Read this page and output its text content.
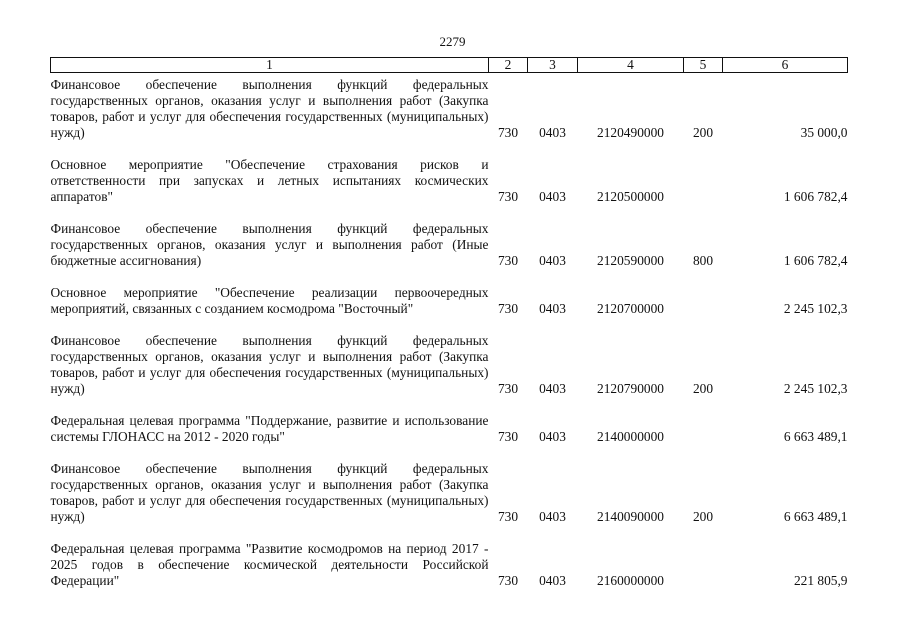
2279
1	2	3	4	5	6
Финансовое обеспечение выполнения функций федеральных государственных органов, оказания услуг и выполнения работ (Закупка товаров, работ и услуг для обеспечения государственных (муниципальных) нужд)	730	0403	2120490000	200	35 000,0
Основное мероприятие "Обеспечение страхования рисков и ответственности при запусках и летных испытаниях космических аппаратов"	730	0403	2120500000		1 606 782,4
Финансовое обеспечение выполнения функций федеральных государственных органов, оказания услуг и выполнения работ (Иные бюджетные ассигнования)	730	0403	2120590000	800	1 606 782,4
Основное мероприятие "Обеспечение реализации первоочередных мероприятий, связанных с созданием космодрома "Восточный"	730	0403	2120700000		2 245 102,3
Финансовое обеспечение выполнения функций федеральных государственных органов, оказания услуг и выполнения работ (Закупка товаров, работ и услуг для обеспечения государственных (муниципальных) нужд)	730	0403	2120790000	200	2 245 102,3
Федеральная целевая программа "Поддержание, развитие и использование системы ГЛОНАСС на 2012 - 2020 годы"	730	0403	2140000000		6 663 489,1
Финансовое обеспечение выполнения функций федеральных государственных органов, оказания услуг и выполнения работ (Закупка товаров, работ и услуг для обеспечения государственных (муниципальных) нужд)	730	0403	2140090000	200	6 663 489,1
Федеральная целевая программа "Развитие космодромов на период 2017 - 2025 годов в обеспечение космической деятельности Российской Федерации"	730	0403	2160000000		221 805,9
